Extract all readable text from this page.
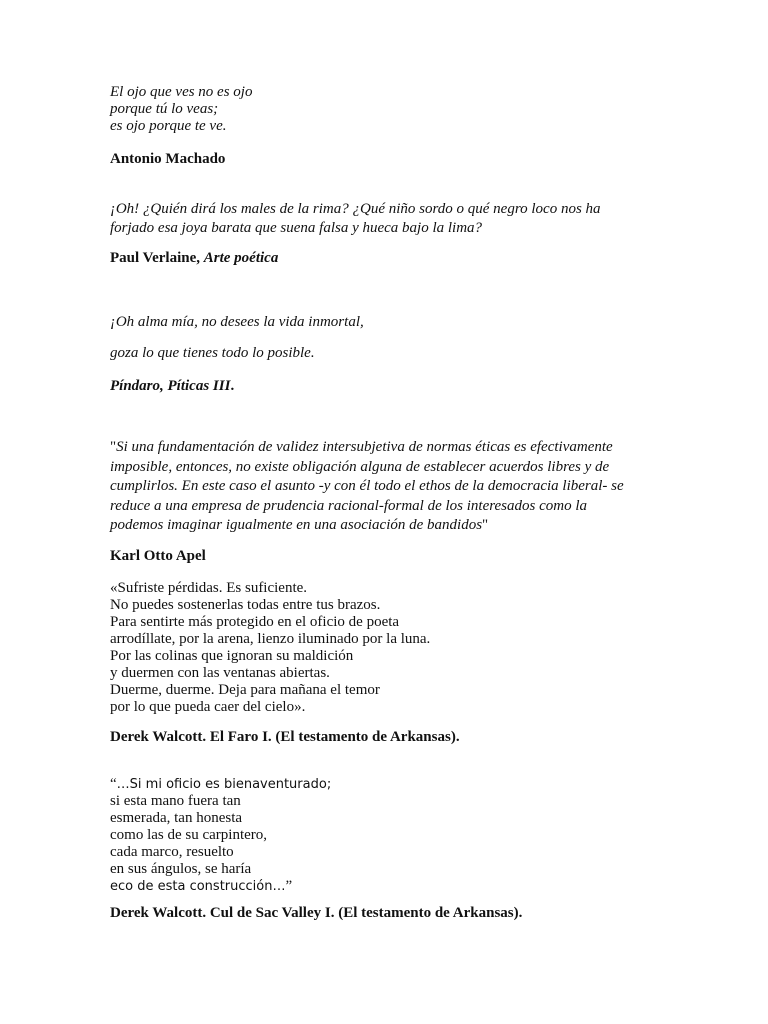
El ojo que ves no es ojo
porque tú lo veas;
es ojo porque te ve.
Antonio Machado
¡Oh! ¿Quién dirá los males de la rima? ¿Qué niño sordo o qué negro loco nos ha
forjado esa joya barata que suena falsa y hueca bajo la lima?
Paul Verlaine, Arte poética
¡Oh alma mía, no desees la vida inmortal,
goza lo que tienes todo lo posible.
Píndaro, Píticas III.
"Si una fundamentación de validez intersubjetiva de normas éticas es efectivamente
imposible, entonces, no existe obligación alguna de establecer acuerdos libres y de
cumplirlos. En este caso el asunto -y con él todo el ethos de la democracia liberal- se
reduce a una empresa de prudencia racional-formal de los interesados como la
podemos imaginar igualmente en una asociación de bandidos"
Karl Otto Apel
«Sufriste pérdidas. Es suficiente.
No puedes sostenerlas todas entre tus brazos.
Para sentirte más protegido en el oficio de poeta
arrodíllate, por la arena, lienzo iluminado por la luna.
Por las colinas que ignoran su maldición
y duermen con las ventanas abiertas.
Duerme, duerme. Deja para mañana el temor
por lo que pueda caer del cielo».
Derek Walcott. El Faro I. (El testamento de Arkansas).
“…Si mi oficio es bienaventurado;
si esta mano fuera tan
esmerada, tan honesta
como las de su carpintero,
cada marco, resuelto
en sus ángulos, se haría
eco de esta construcción…”
Derek Walcott. Cul de Sac Valley I. (El testamento de Arkansas).
